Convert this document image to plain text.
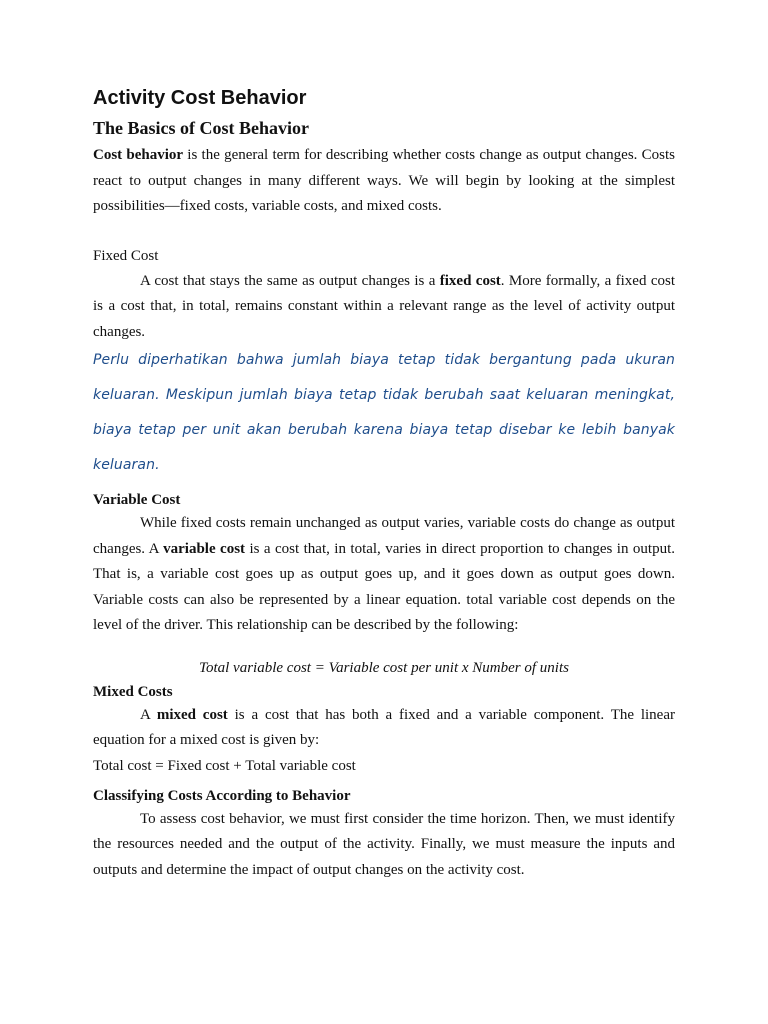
Activity Cost Behavior
The Basics of Cost Behavior

Cost behavior is the general term for describing whether costs change as output changes. Costs react to output changes in many different ways. We will begin by looking at the simplest possibilities—fixed costs, variable costs, and mixed costs.

Fixed Cost

A cost that stays the same as output changes is a fixed cost. More formally, a fixed cost is a cost that, in total, remains constant within a relevant range as the level of activity output changes.

Perlu diperhatikan bahwa jumlah biaya tetap tidak bergantung pada ukuran keluaran. Meskipun jumlah biaya tetap tidak berubah saat keluaran meningkat, biaya tetap per unit akan berubah karena biaya tetap disebar ke lebih banyak keluaran.

Variable Cost

While fixed costs remain unchanged as output varies, variable costs do change as output changes. A variable cost is a cost that, in total, varies in direct proportion to changes in output. That is, a variable cost goes up as output goes up, and it goes down as output goes down. Variable costs can also be represented by a linear equation. total variable cost depends on the level of the driver. This relationship can be described by the following:

Total variable cost = Variable cost per unit x Number of units
Mixed Costs

A mixed cost is a cost that has both a fixed and a variable component. The linear equation for a mixed cost is given by:

Total cost = Fixed cost + Total variable cost
Classifying Costs According to Behavior

To assess cost behavior, we must first consider the time horizon. Then, we must identify the resources needed and the output of the activity. Finally, we must measure the inputs and outputs and determine the impact of output changes on the activity cost.
